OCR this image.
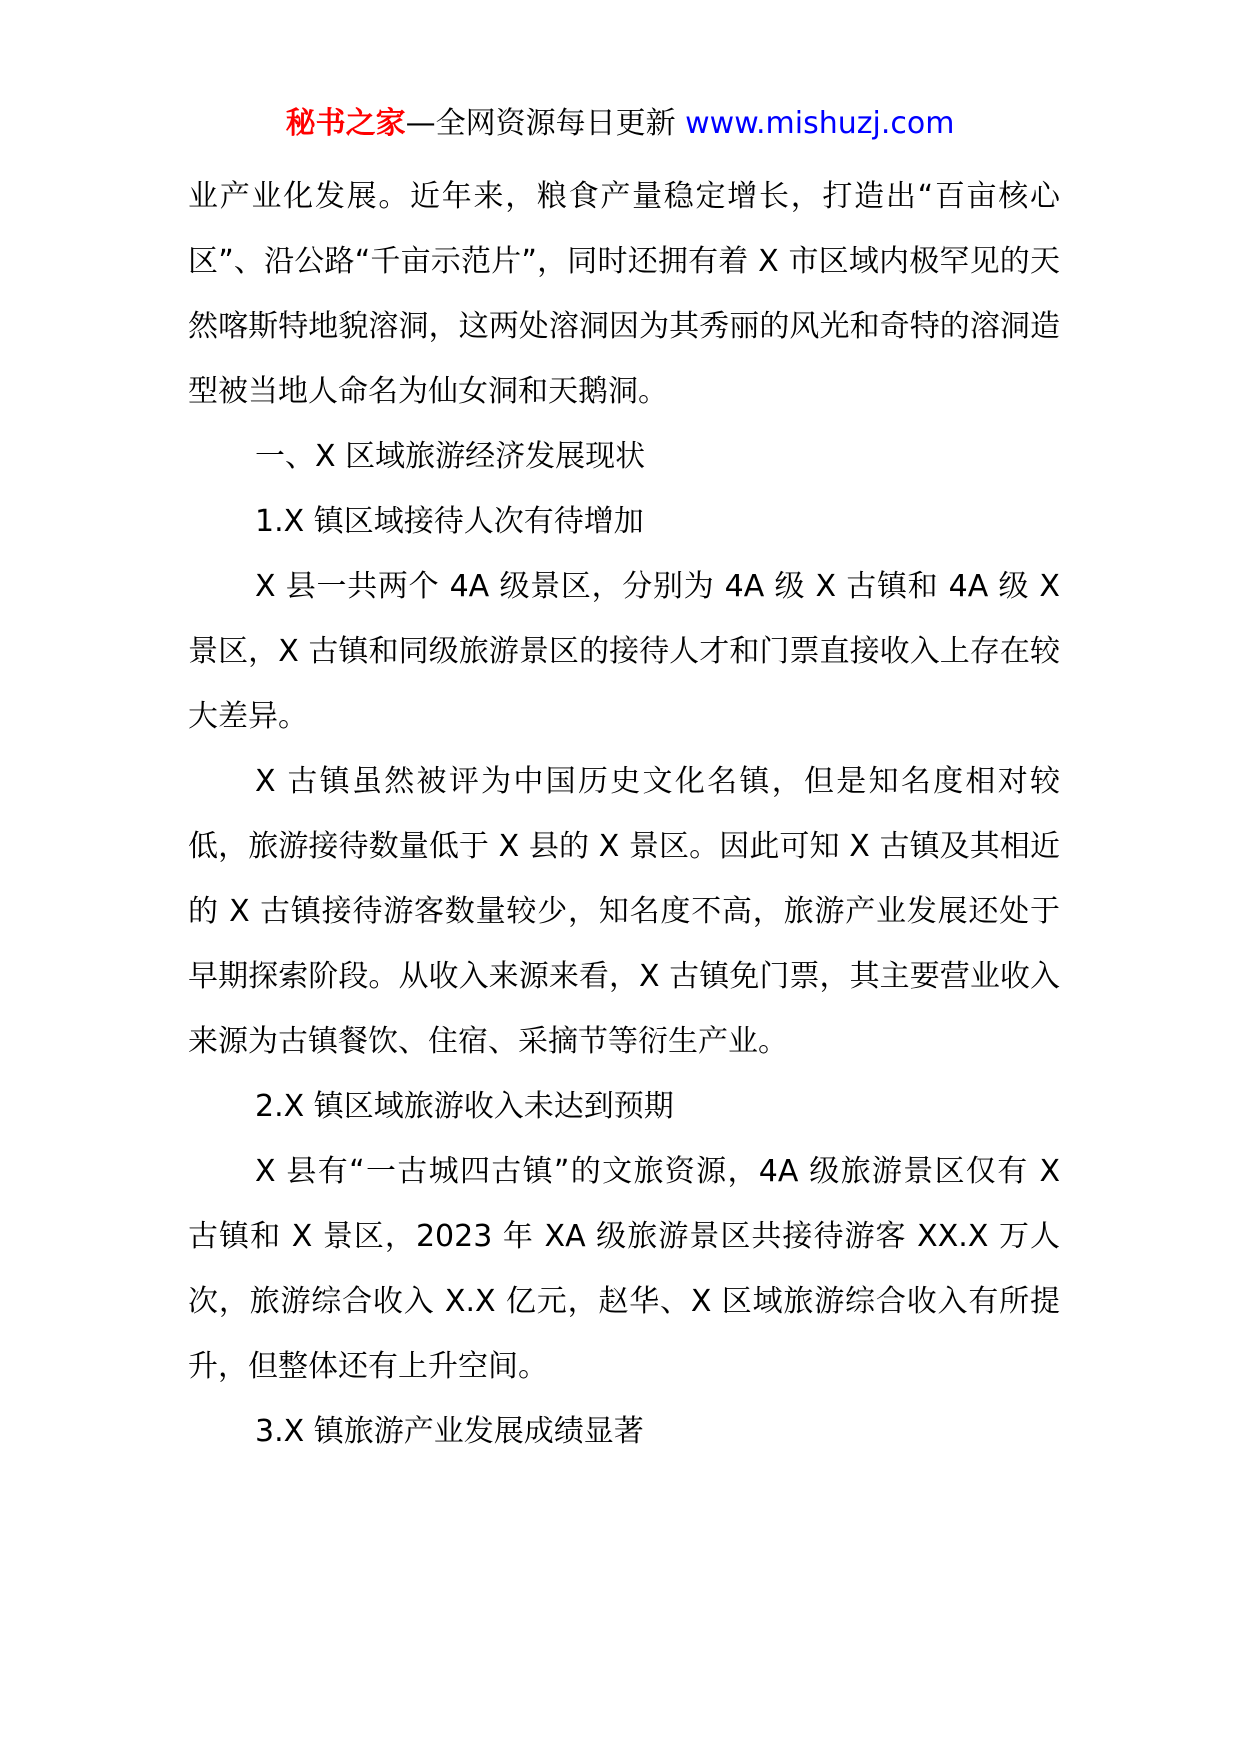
秘书之家—全网资源每日更新 www.mishuzj.com

业产业化发展。近年来，粮食产量稳定增长，打造出“百亩核心区”、沿公路“千亩示范片”，同时还拥有着 X 市区域内极罕见的天然喀斯特地貌溶洞，这两处溶洞因为其秀丽的风光和奇特的溶洞造型被当地人命名为仙女洞和天鹅洞。

一、X 区域旅游经济发展现状

1.X 镇区域接待人次有待增加

X 县一共两个 4A 级景区，分别为 4A 级 X 古镇和 4A 级 X 景区，X 古镇和同级旅游景区的接待人才和门票直接收入上存在较大差异。

X 古镇虽然被评为中国历史文化名镇，但是知名度相对较低，旅游接待数量低于 X 县的 X 景区。因此可知 X 古镇及其相近的 X 古镇接待游客数量较少，知名度不高，旅游产业发展还处于早期探索阶段。从收入来源来看，X 古镇免门票，其主要营业收入来源为古镇餐饮、住宿、采摘节等衍生产业。

2.X 镇区域旅游收入未达到预期

X 县有“一古城四古镇”的文旅资源，4A 级旅游景区仅有 X 古镇和 X 景区，2023 年 XA 级旅游景区共接待游客 XX.X 万人次，旅游综合收入 X.X 亿元，赵华、X 区域旅游综合收入有所提升，但整体还有上升空间。

3.X 镇旅游产业发展成绩显著
